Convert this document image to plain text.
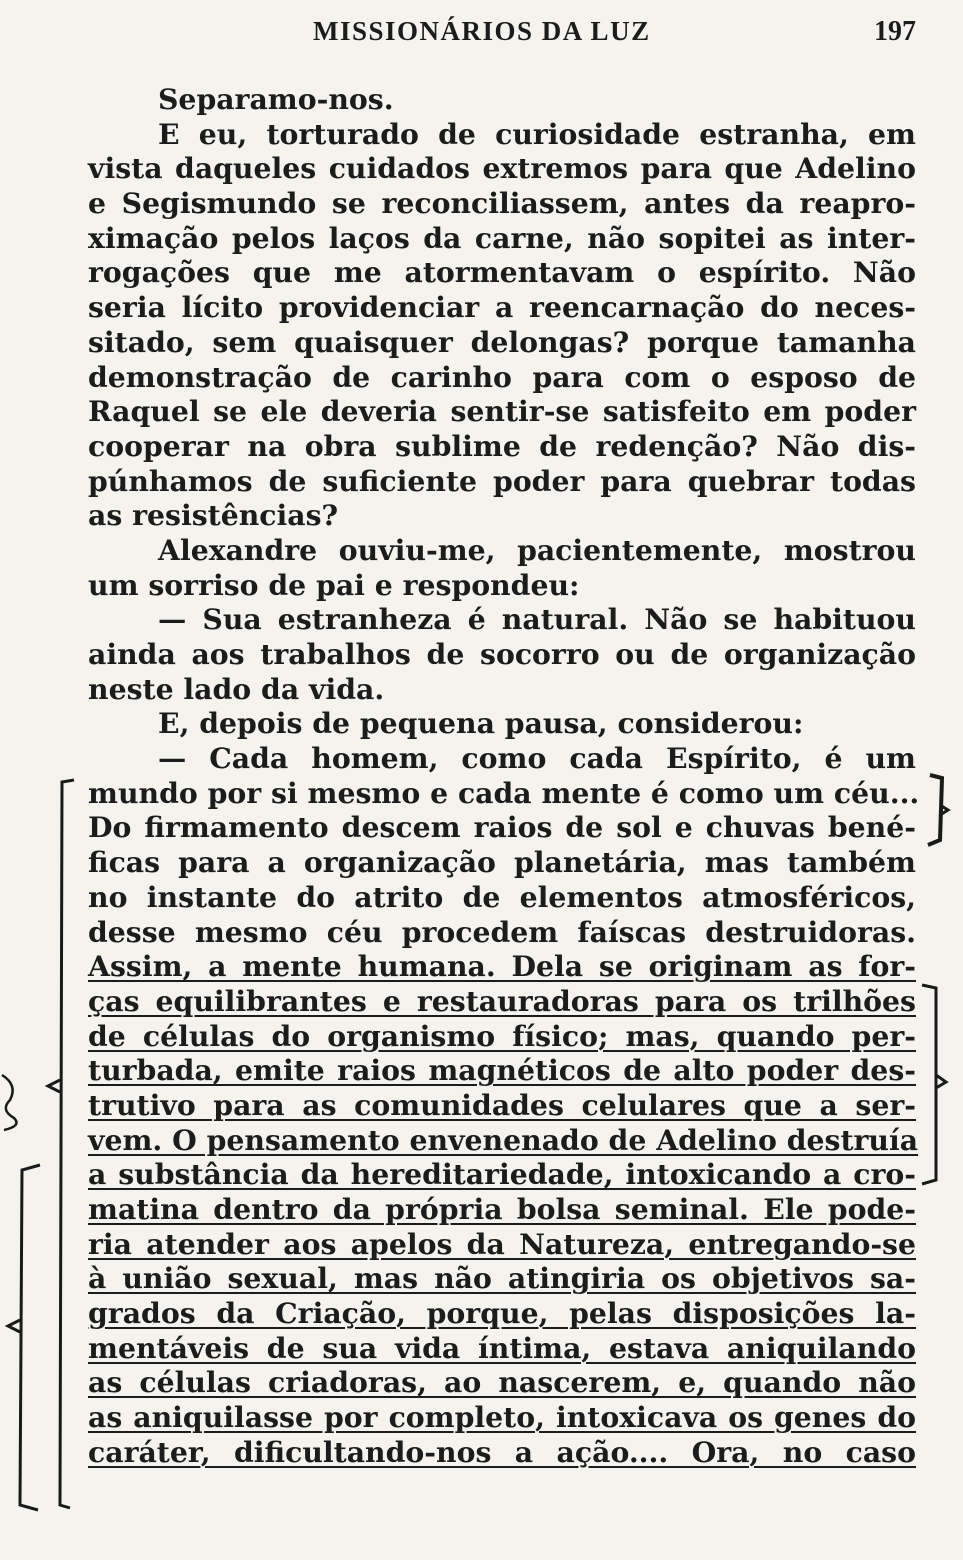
MISSIONÁRIOS DA LUZ	197
Separamo-nos.
E eu, torturado de curiosidade estranha, em
vista daqueles cuidados extremos para que Adelino
e Segismundo se reconciliassem, antes da reapro-
ximação pelos laços da carne, não sopitei as inter-
rogações que me atormentavam o espírito. Não
seria lícito providenciar a reencarnação do neces-
sitado, sem quaisquer delongas? porque tamanha
demonstração de carinho para com o esposo de
Raquel se ele deveria sentir-se satisfeito em poder
cooperar na obra sublime de redenção? Não dis-
púnhamos de suficiente poder para quebrar todas
as resistências?
Alexandre ouviu-me, pacientemente, mostrou
um sorriso de pai e respondeu:
— Sua estranheza é natural. Não se habituou
ainda aos trabalhos de socorro ou de organização
neste lado da vida.
E, depois de pequena pausa, considerou:
— Cada homem, como cada Espírito, é um
mundo por si mesmo e cada mente é como um céu...
Do firmamento descem raios de sol e chuvas bené-
ficas para a organização planetária, mas também
no instante do atrito de elementos atmosféricos,
desse mesmo céu procedem faíscas destruidoras.
Assim, a mente humana. Dela se originam as for-
ças equilibrantes e restauradoras para os trilhões
de células do organismo físico; mas, quando per-
turbada, emite raios magnéticos de alto poder des-
trutivo para as comunidades celulares que a ser-
vem. O pensamento envenenado de Adelino destruía
a substância da hereditariedade, intoxicando a cro-
matina dentro da própria bolsa seminal. Ele pode-
ria atender aos apelos da Natureza, entregando-se
à união sexual, mas não atingiria os objetivos sa-
grados da Criação, porque, pelas disposições la-
mentáveis de sua vida íntima, estava aniquilando
as células criadoras, ao nascerem, e, quando não
as aniquilasse por completo, intoxicava os genes do
caráter, dificultando-nos a ação.... Ora, no caso
